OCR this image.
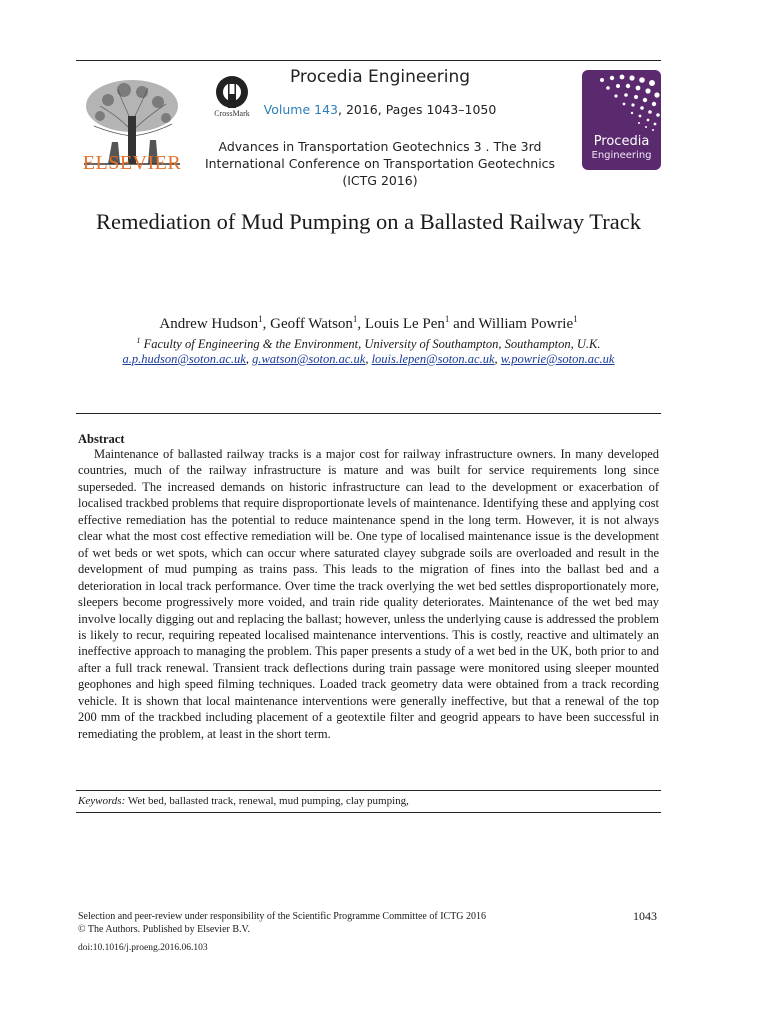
ELSEVIER
CrossMark
Procedia Engineering
Volume 143, 2016, Pages 1043–1050
Advances in Transportation Geotechnics 3 . The 3rd
International Conference on Transportation Geotechnics
(ICTG 2016)
Procedia
Engineering
Remediation of Mud Pumping on a Ballasted Railway Track
Andrew Hudson$^1$, Geoff Watson$^1$, Louis Le Pen$^1$ and William Powrie$^1$
$^1$ Faculty of Engineering & the Environment, University of Southampton, Southampton, U.K.
a.p.hudson@soton.ac.uk, g.watson@soton.ac.uk, louis.lepen@soton.ac.uk, w.powrie@soton.ac.uk
Abstract
Maintenance of ballasted railway tracks is a major cost for railway infrastructure owners. In many developed countries, much of the railway infrastructure is mature and was built for service requirements long since superseded. The increased demands on historic infrastructure can lead to the development or exacerbation of localised trackbed problems that require disproportionate levels of maintenance. Identifying these and applying cost effective remediation has the potential to reduce maintenance spend in the long term. However, it is not always clear what the most cost effective remediation will be. One type of localised maintenance issue is the development of wet beds or wet spots, which can occur where saturated clayey subgrade soils are overloaded and result in the development of mud pumping as trains pass. This leads to the migration of fines into the ballast bed and a deterioration in local track performance. Over time the track overlying the wet bed settles disproportionately more, sleepers become progressively more voided, and train ride quality deteriorates. Maintenance of the wet bed may involve locally digging out and replacing the ballast; however, unless the underlying cause is addressed the problem is likely to recur, requiring repeated localised maintenance interventions. This is costly, reactive and ultimately an ineffective approach to managing the problem. This paper presents a study of a wet bed in the UK, both prior to and after a full track renewal. Transient track deflections during train passage were monitored using sleeper mounted geophones and high speed filming techniques. Loaded track geometry data were obtained from a track recording vehicle. It is shown that local maintenance interventions were generally ineffective, but that a renewal of the top 200 mm of the trackbed including placement of a geotextile filter and geogrid appears to have been successful in remediating the problem, at least in the short term.
Keywords: Wet bed, ballasted track, renewal, mud pumping, clay pumping,
Selection and peer-review under responsibility of the Scientific Programme Committee of ICTG 2016
© The Authors. Published by Elsevier B.V.
1043
doi:10.1016/j.proeng.2016.06.103
